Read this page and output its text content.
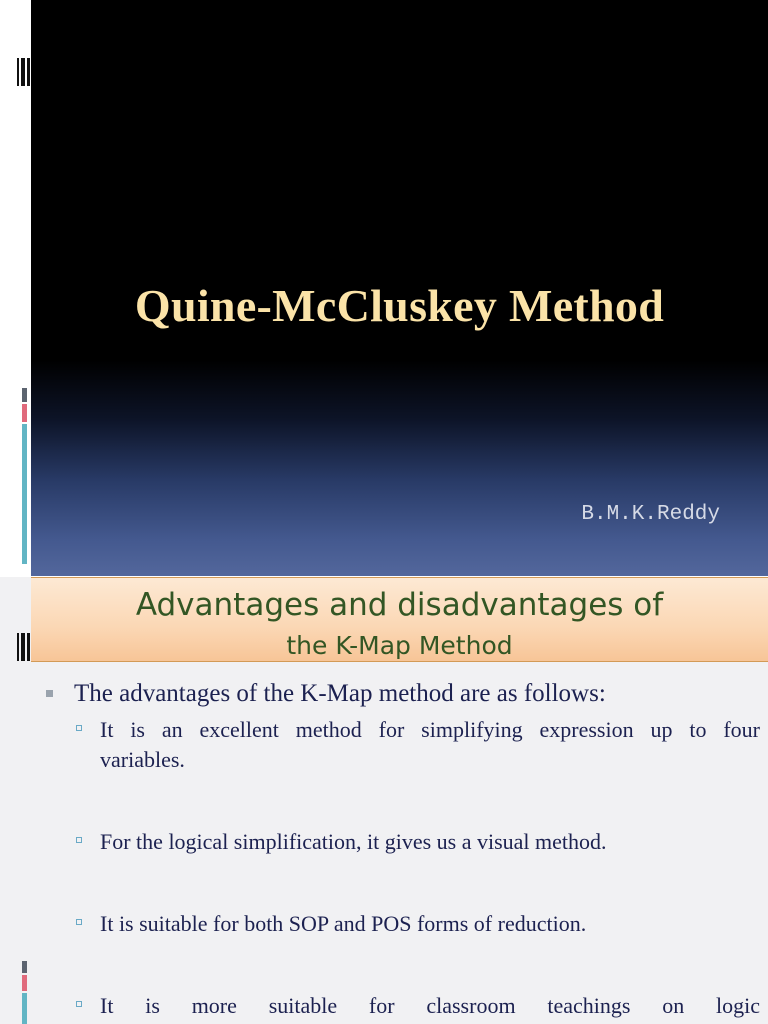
Quine-McCluskey Method
B.M.K.Reddy
Advantages and disadvantages of
the K-Map Method
The advantages of the K-Map method are as follows:
It is an excellent method for simplifying expression up to four
variables.
For the logical simplification, it gives us a visual method.
It is suitable for both SOP and POS forms of reduction.
It is more suitable for classroom teachings on logic
